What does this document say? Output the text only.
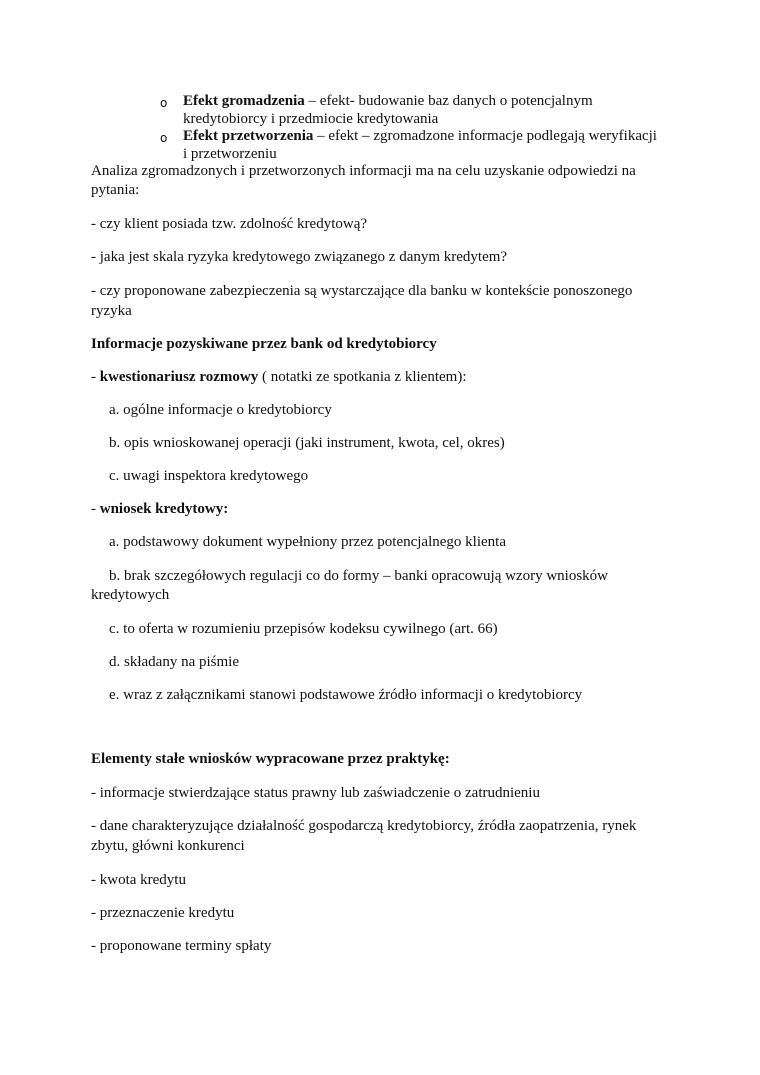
o Efekt gromadzenia – efekt- budowanie baz danych o potencjalnym
kredytobiorcy i przedmiocie kredytowania
o Efekt przetworzenia – efekt – zgromadzone informacje podlegają weryfikacji
i przetworzeniu
Analiza zgromadzonych i przetworzonych informacji ma na celu uzyskanie odpowiedzi na
pytania:
- czy klient posiada tzw. zdolność kredytową?
- jaka jest skala ryzyka kredytowego związanego z danym kredytem?
- czy proponowane zabezpieczenia są wystarczające dla banku w kontekście ponoszonego
ryzyka
Informacje pozyskiwane przez bank od kredytobiorcy
- kwestionariusz rozmowy ( notatki ze spotkania z klientem):
a. ogólne informacje o kredytobiorcy
b. opis wnioskowanej operacji (jaki instrument, kwota, cel, okres)
c. uwagi inspektora kredytowego
- wniosek kredytowy:
a. podstawowy dokument wypełniony przez potencjalnego klienta
b. brak szczegółowych regulacji co do formy – banki opracowują wzory wniosków
kredytowych
c. to oferta w rozumieniu przepisów kodeksu cywilnego (art. 66)
d. składany na piśmie
e. wraz z załącznikami stanowi podstawowe źródło informacji o kredytobiorcy
Elementy stałe wniosków wypracowane przez praktykę:
- informacje stwierdzające status prawny lub zaświadczenie o zatrudnieniu
- dane charakteryzujące działalność gospodarczą kredytobiorcy, źródła zaopatrzenia, rynek
zbytu, główni konkurenci
- kwota kredytu
- przeznaczenie kredytu
- proponowane terminy spłaty
